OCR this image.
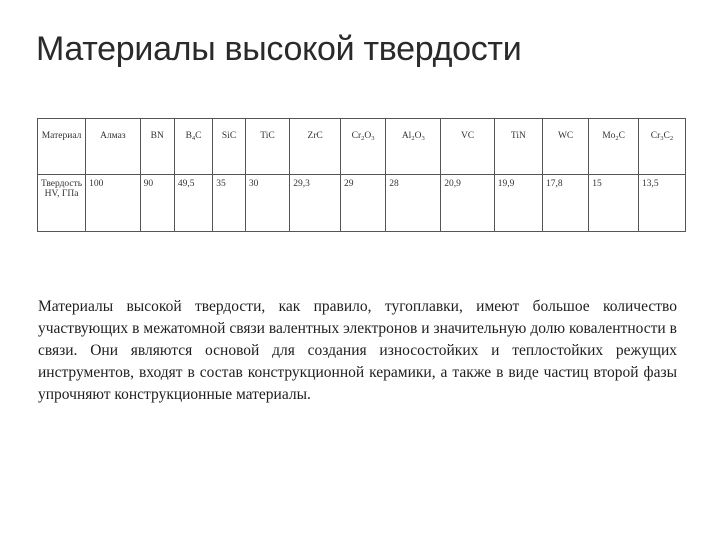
Материалы высокой твердости
Материал	Алмаз	BN	$B_4C$	SiC	TiC	ZrC	$Cr_2O_3$	$Al_2O_3$	VC	TiN	WC	$Mo_2C$	$Cr_3C_2$
Твердость
HV, ГПа	100	90	49,5	35	30	29,3	29	28	20,9	19,9	17,8	15	13,5
Материалы высокой твердости, как правило, тугоплавки, имеют большое количество участвующих в межатомной связи валентных электронов и значительную долю ковалентности в связи. Они являются основой для создания износостойких и теплостойких режущих инструментов, входят в состав конструкционной керамики, а также в виде частиц второй фазы упрочняют конструкционные материалы.
